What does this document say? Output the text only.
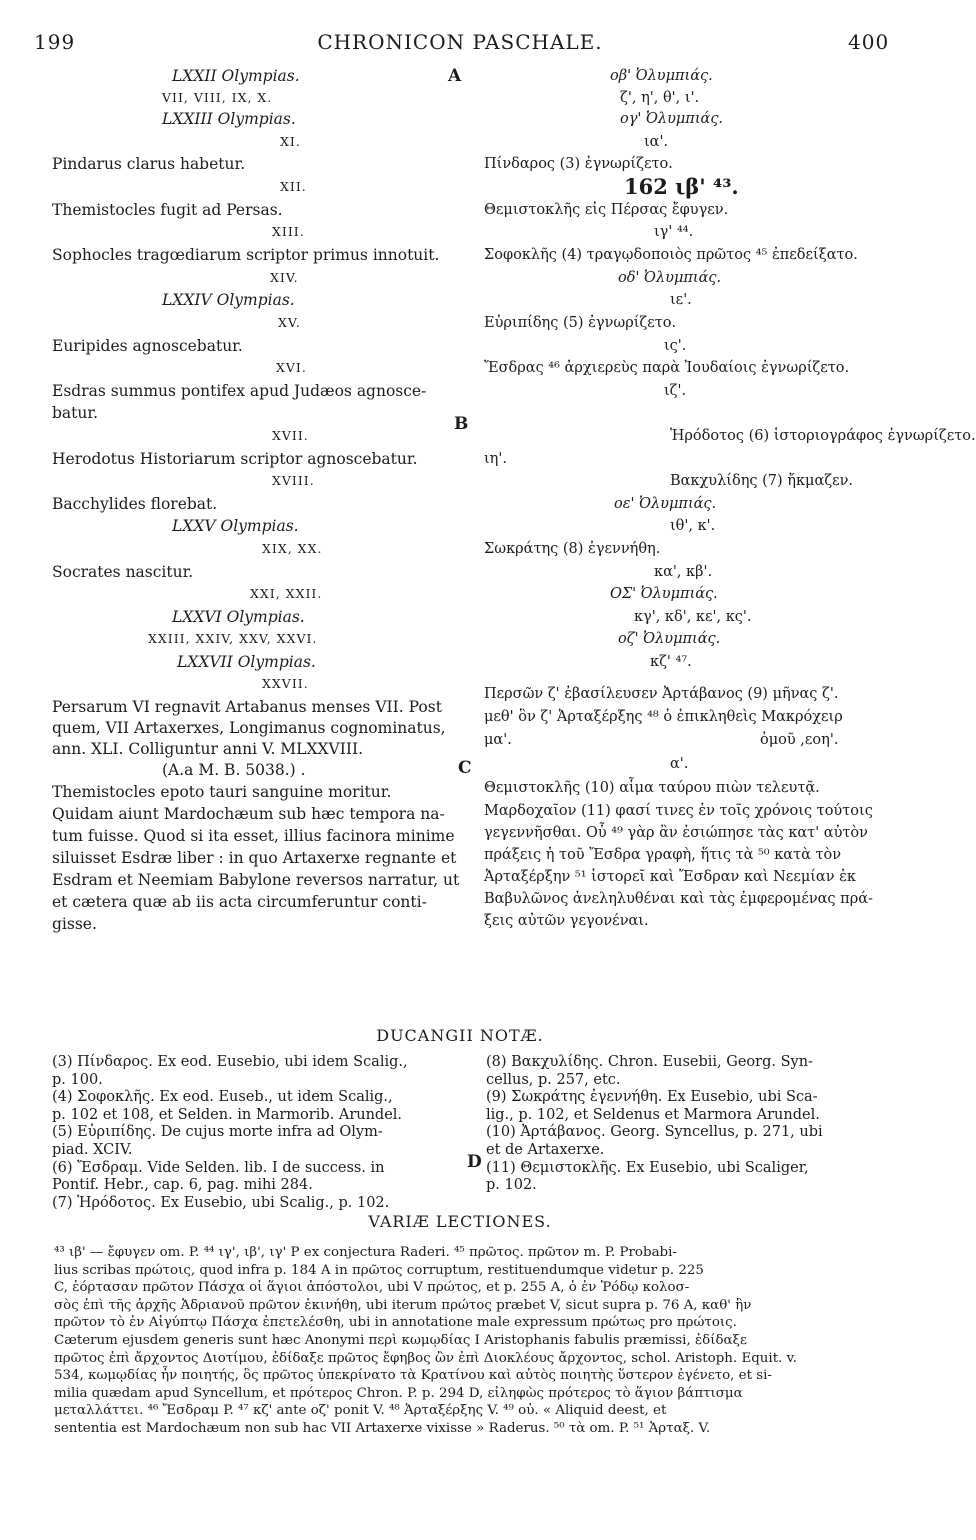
199	CHRONICON PASCHALE.	400
A
B
C
D
LXXII Olympias.
VII, VIII, IX, X.
LXXIII Olympias.
XI.
Pindarus clarus habetur.
XII.
Themistocles fugit ad Persas.
XIII.
Sophocles tragœdiarum scriptor primus innotuit.
XIV.
LXXIV Olympias.
XV.
Euripides agnoscebatur.
XVI.
Esdras summus pontifex apud Judæos agnosce-
batur.
XVII.
Herodotus Historiarum scriptor agnoscebatur.
XVIII.
Bacchylides florebat.
LXXV Olympias.
XIX, XX.
Socrates nascitur.
XXI, XXII.
LXXVI Olympias.
XXIII, XXIV, XXV, XXVI.
LXXVII Olympias.
XXVII.
Persarum VI regnavit Artabanus menses VII. Post
quem, VII Artaxerxes, Longimanus cognominatus,
ann. XLI. Colliguntur anni V. MLXXVIII.
(A.a M. B. 5038.) .
Themistocles epoto tauri sanguine moritur.
Quidam aiunt Mardochæum sub hæc tempora na-
tum fuisse. Quod si ita esset, illius facinora minime
siluisset Esdræ liber : in quo Artaxerxe regnante et
Esdram et Neemiam Babylone reversos narratur, ut
et cætera quæ ab iis acta circumferuntur conti-
gisse.
οβ' Ὀλυμπιάς.
ζ', η', θ', ι'.
ογ' Ὀλυμπιάς.
ια'.
Πίνδαρος (3) ἐγνωρίζετο.
162 ιβ' ⁴³.
Θεμιστοκλῆς εἰς Πέρσας ἔφυγεν.
ιγ' ⁴⁴.
Σοφοκλῆς (4) τραγῳδοποιὸς πρῶτος ⁴⁵ ἐπεδείξατο.
οδ' Ὀλυμπιάς.
ιε'.
Εὐριπίδης (5) ἐγνωρίζετο.
ις'.
Ἔσδρας ⁴⁶ ἀρχιερεὺς παρὰ Ἰουδαίοις ἐγνωρίζετο.
ιζ'.
Ἡρόδοτος (6) ἱστοριογράφος ἐγνωρίζετο.
ιη'.
Βακχυλίδης (7) ἤκμαζεν.
οε' Ὀλυμπιάς.
ιθ', κ'.
Σωκράτης (8) ἐγεννήθη.
κα', κβ'.
ΟΣ' Ὀλυμπιάς.
κγ', κδ', κε', κς'.
οζ' Ὀλυμπιάς.
κζ' ⁴⁷.
Περσῶν ζ' ἐβασίλευσεν Ἀρτάβανος (9) μῆνας ζ'.
μεθ' ὃν ζ' Ἀρταξέρξης ⁴⁸ ὁ ἐπικληθεὶς Μακρόχειρ
μα'.	ὁμοῦ ,εοη'.
α'.
Θεμιστοκλῆς (10) αἷμα ταύρου πιὼν τελευτᾷ.
Μαρδοχαῖον (11) φασί τινες ἐν τοῖς χρόνοις τούτοις
γεγεννῆσθαι. Οὗ ⁴⁹ γὰρ ἂν ἐσιώπησε τὰς κατ' αὐτὸν
πράξεις ἡ τοῦ Ἔσδρα γραφὴ, ἥτις τὰ ⁵⁰ κατὰ τὸν
Ἀρταξέρξην ⁵¹ ἱστορεῖ καὶ Ἔσδραν καὶ Νεεμίαν ἐκ
Βαβυλῶνος ἀνεληλυθέναι καὶ τὰς ἐμφερομένας πρά-
ξεις αὐτῶν γεγονέναι.
DUCANGII NOTÆ.
(3) Πίνδαρος. Ex eod. Eusebio, ubi idem Scalig.,
p. 100.
(4) Σοφοκλῆς. Ex eod. Euseb., ut idem Scalig.,
p. 102 et 108, et Selden. in Marmorib. Arundel.
(5) Εὐριπίδης. De cujus morte infra ad Olym-
piad. XCIV.
(6) Ἔσδραμ. Vide Selden. lib. I de success. in
Pontif. Hebr., cap. 6, pag. mihi 284.
(7) Ἡρόδοτος. Ex Eusebio, ubi Scalig., p. 102.
(8) Βακχυλίδης. Chron. Eusebii, Georg. Syn-
cellus, p. 257, etc.
(9) Σωκράτης ἐγεννήθη. Ex Eusebio, ubi Sca-
lig., p. 102, et Seldenus et Marmora Arundel.
(10) Ἀρτάβανος. Georg. Syncellus, p. 271, ubi
et de Artaxerxe.
(11) Θεμιστοκλῆς. Ex Eusebio, ubi Scaliger,
p. 102.
VARIÆ LECTIONES.
⁴³ ιβ' — ἔφυγεν om. P. ⁴⁴ ιγ', ιβ', ιγ' P ex conjectura Raderi. ⁴⁵ πρῶτος. πρῶτον m. P. Probabi-
lius scribas πρώτοις, quod infra p. 184 A in πρῶτος corruptum, restituendumque videtur p. 225
C, ἑόρτασαν πρῶτον Πάσχα οἱ ἅγιοι ἀπόστολοι, ubi V πρώτος, et p. 255 A, ὁ ἐν Ῥόδῳ κολοσ-
σὸς ἐπὶ τῆς ἀρχῆς Ἀδριανοῦ πρῶτον ἐκινήθη, ubi iterum πρώτος præbet V, sicut supra p. 76 A, καθ' ἣν
πρῶτον τὸ ἐν Αἰγύπτῳ Πάσχα ἐπετελέσθη, ubi in annotatione male expressum πρώτως pro πρώτοις.
Cæterum ejusdem generis sunt hæc Anonymi περὶ κωμῳδίας I Aristophanis fabulis præmissi, ἐδίδαξε
πρῶτος ἐπὶ ἄρχοντος Διοτίμου, ἐδίδαξε πρῶτος ἔφηβος ὢν ἐπὶ Διοκλέους ἄρχοντος, schol. Aristoph. Equit. v.
534, κωμῳδίας ἦν ποιητής, ὃς πρῶτος ὑπεκρίνατο τὰ Κρατίνου καὶ αὐτὸς ποιητὴς ὕστερον ἐγένετο, et si-
milia quædam apud Syncellum, et πρότερος Chron. P. p. 294 D, εἰληφὼς πρότερος τὸ ἅγιον βάπτισμα
μεταλλάττει. ⁴⁶ Ἔσδραμ P. ⁴⁷ κζ' ante οζ' ponit V. ⁴⁸ Ἀρταξέρξης V. ⁴⁹ οὐ. « Aliquid deest, et
sententia est Mardochæum non sub hac VII Artaxerxe vixisse » Raderus. ⁵⁰ τὰ om. P. ⁵¹ Ἀρταξ. V.
